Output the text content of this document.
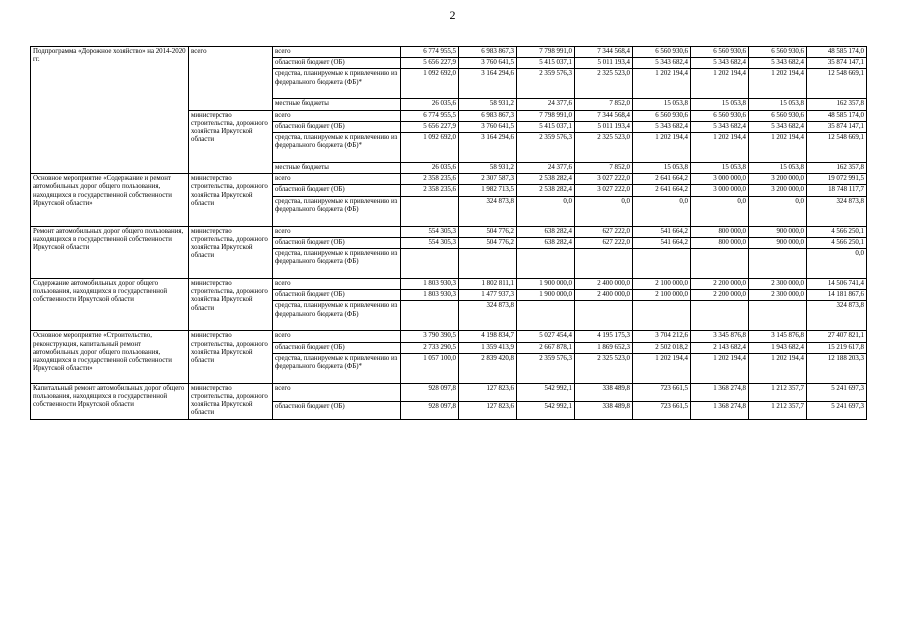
2
Подпрограмма «Дорожное хозяйство» на 2014-2020 гг.	всего	всего	6 774 955,5	6 983 867,3	7 798 991,0	7 344 568,4	6 560 930,6	6 560 930,6	6 560 930,6	48 585 174,0
		областной бюджет (ОБ)	5 656 227,9	3 760 641,5	5 415 037,1	5 011 193,4	5 343 682,4	5 343 682,4	5 343 682,4	35 874 147,1
		средства, планируемые к привлечению из федерального бюджета (ФБ)*	1 092 692,0	3 164 294,6	2 359 576,3	2 325 523,0	1 202 194,4	1 202 194,4	1 202 194,4	12 548 669,1
		местные бюджеты	26 035,6	58 931,2	24 377,6	7 852,0	15 053,8	15 053,8	15 053,8	162 357,8
	министерство строительства, дорожного хозяйства Иркутской области	всего	6 774 955,5	6 983 867,3	7 798 991,0	7 344 568,4	6 560 930,6	6 560 930,6	6 560 930,6	48 585 174,0
		областной бюджет (ОБ)	5 656 227,9	3 760 641,5	5 415 037,1	5 011 193,4	5 343 682,4	5 343 682,4	5 343 682,4	35 874 147,1
		средства, планируемые к привлечению из федерального бюджета (ФБ)*	1 092 692,0	3 164 294,6	2 359 576,3	2 325 523,0	1 202 194,4	1 202 194,4	1 202 194,4	12 548 669,1
		местные бюджеты	26 035,6	58 931,2	24 377,6	7 852,0	15 053,8	15 053,8	15 053,8	162 357,8
Основное мероприятие «Содержание и ремонт автомобильных дорог общего пользования, находящихся в государственной собственности Иркутской области»	министерство строительства, дорожного хозяйства Иркутской области	всего	2 358 235,6	2 307 587,3	2 538 282,4	3 027 222,0	2 641 664,2	3 000 000,0	3 200 000,0	19 072 991,5
		областной бюджет (ОБ)	2 358 235,6	1 982 713,5	2 538 282,4	3 027 222,0	2 641 664,2	3 000 000,0	3 200 000,0	18 748 117,7
		средства, планируемые к привлечению из федерального бюджета (ФБ)		324 873,8	0,0	0,0	0,0	0,0	0,0	324 873,8
Ремонт автомобильных дорог общего пользования, находящихся в государственной собственности Иркутской области	министерство строительства, дорожного хозяйства Иркутской области	всего	554 305,3	504 776,2	638 282,4	627 222,0	541 664,2	800 000,0	900 000,0	4 566 250,1
		областной бюджет (ОБ)	554 305,3	504 776,2	638 282,4	627 222,0	541 664,2	800 000,0	900 000,0	4 566 250,1
		средства, планируемые к привлечению из федерального бюджета (ФБ)								0,0
Содержание автомобильных дорог общего пользования, находящихся в государственной собственности Иркутской области	министерство строительства, дорожного хозяйства Иркутской области	всего	1 803 930,3	1 802 811,1	1 900 000,0	2 400 000,0	2 100 000,0	2 200 000,0	2 300 000,0	14 506 741,4
		областной бюджет (ОБ)	1 803 930,3	1 477 937,3	1 900 000,0	2 400 000,0	2 100 000,0	2 200 000,0	2 300 000,0	14 181 867,6
		средства, планируемые к привлечению из федерального бюджета (ФБ)		324 873,8						324 873,8
Основное мероприятие «Строительство, реконструкция, капитальный ремонт автомобильных дорог общего пользования, находящихся в государственной собственности Иркутской области»	министерство строительства, дорожного хозяйства Иркутской области	всего	3 790 390,5	4 198 834,7	5 027 454,4	4 195 175,3	3 704 212,6	3 345 876,8	3 145 876,8	27 407 821,1
		областной бюджет (ОБ)	2 733 290,5	1 359 413,9	2 667 878,1	1 869 652,3	2 502 018,2	2 143 682,4	1 943 682,4	15 219 617,8
		средства, планируемые к привлечению из федерального бюджета (ФБ)*	1 057 100,0	2 839 420,8	2 359 576,3	2 325 523,0	1 202 194,4	1 202 194,4	1 202 194,4	12 188 203,3
Капитальный ремонт автомобильных дорог общего пользования, находящихся в государственной собственности Иркутской области	министерство строительства, дорожного хозяйства Иркутской области	всего	928 097,8	127 823,6	542 992,1	338 489,8	723 661,5	1 368 274,8	1 212 357,7	5 241 697,3
		областной бюджет (ОБ)	928 097,8	127 823,6	542 992,1	338 489,8	723 661,5	1 368 274,8	1 212 357,7	5 241 697,3
